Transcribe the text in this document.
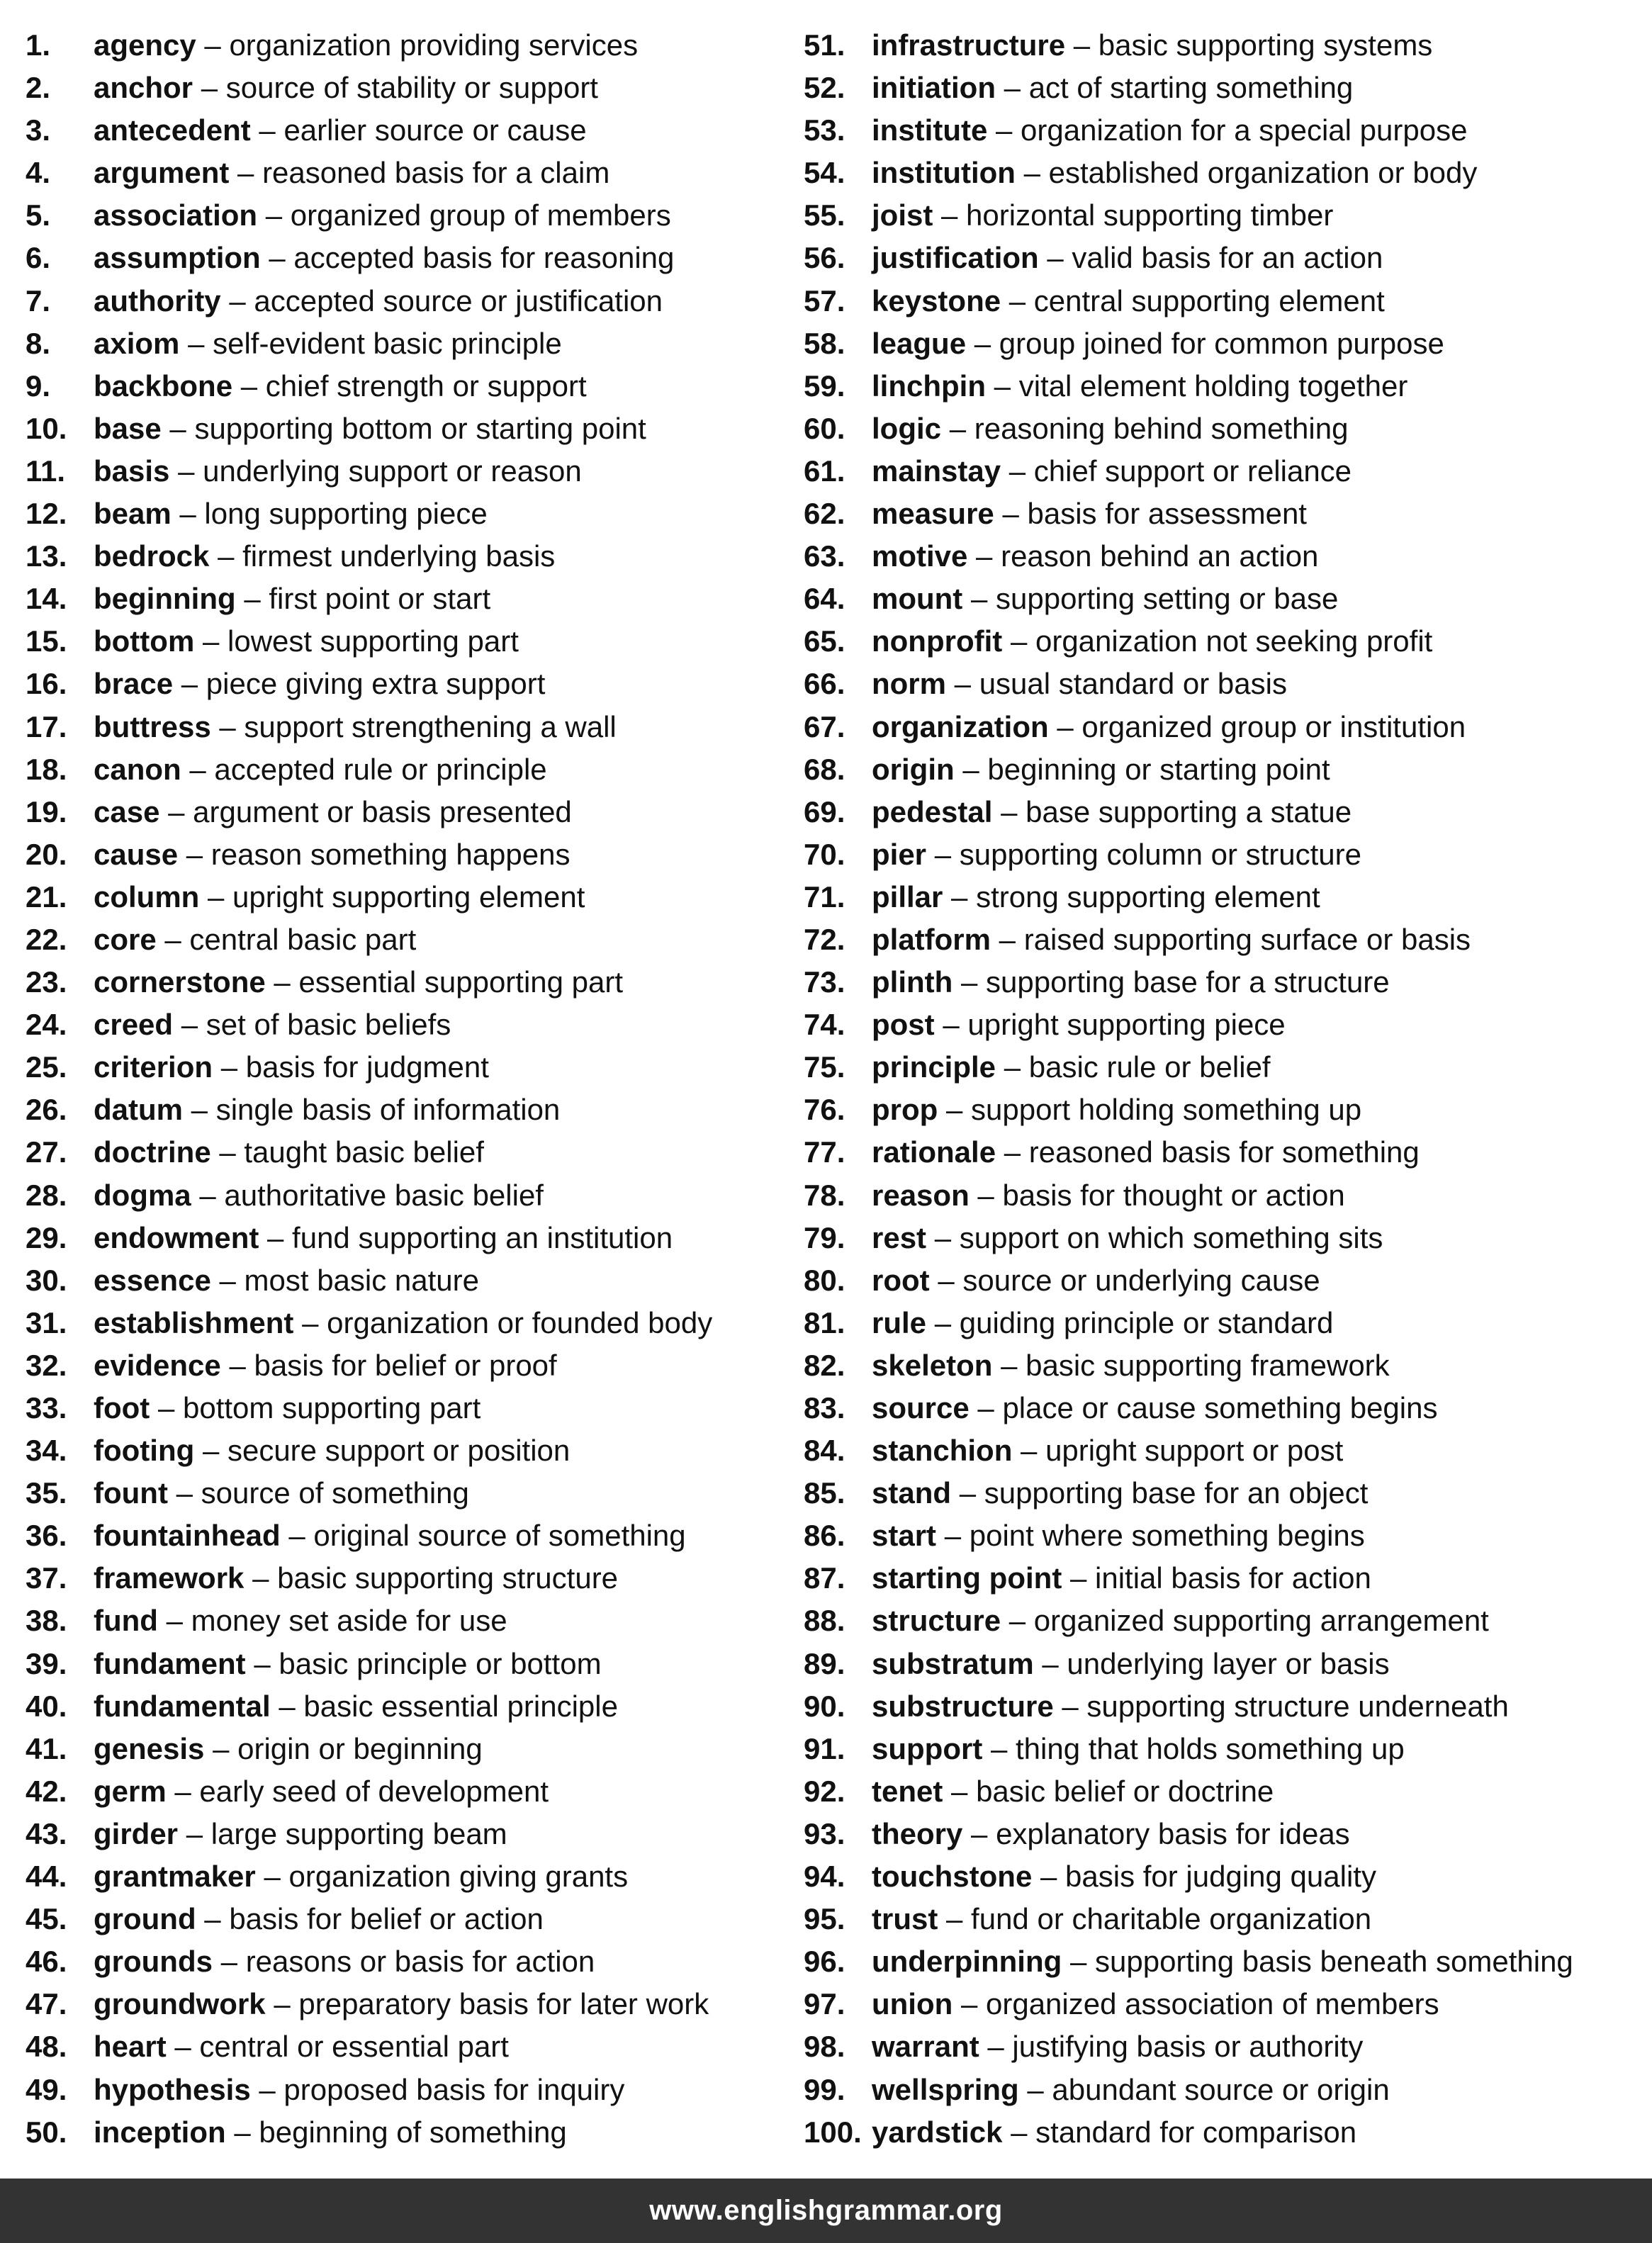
1. agency – organization providing services
2. anchor – source of stability or support
3. antecedent – earlier source or cause
4. argument – reasoned basis for a claim
5. association – organized group of members
6. assumption – accepted basis for reasoning
7. authority – accepted source or justification
8. axiom – self-evident basic principle
9. backbone – chief strength or support
10. base – supporting bottom or starting point
11. basis – underlying support or reason
12. beam – long supporting piece
13. bedrock – firmest underlying basis
14. beginning – first point or start
15. bottom – lowest supporting part
16. brace – piece giving extra support
17. buttress – support strengthening a wall
18. canon – accepted rule or principle
19. case – argument or basis presented
20. cause – reason something happens
21. column – upright supporting element
22. core – central basic part
23. cornerstone – essential supporting part
24. creed – set of basic beliefs
25. criterion – basis for judgment
26. datum – single basis of information
27. doctrine – taught basic belief
28. dogma – authoritative basic belief
29. endowment – fund supporting an institution
30. essence – most basic nature
31. establishment – organization or founded body
32. evidence – basis for belief or proof
33. foot – bottom supporting part
34. footing – secure support or position
35. fount – source of something
36. fountainhead – original source of something
37. framework – basic supporting structure
38. fund – money set aside for use
39. fundament – basic principle or bottom
40. fundamental – basic essential principle
41. genesis – origin or beginning
42. germ – early seed of development
43. girder – large supporting beam
44. grantmaker – organization giving grants
45. ground – basis for belief or action
46. grounds – reasons or basis for action
47. groundwork – preparatory basis for later work
48. heart – central or essential part
49. hypothesis – proposed basis for inquiry
50. inception – beginning of something
51. infrastructure – basic supporting systems
52. initiation – act of starting something
53. institute – organization for a special purpose
54. institution – established organization or body
55. joist – horizontal supporting timber
56. justification – valid basis for an action
57. keystone – central supporting element
58. league – group joined for common purpose
59. linchpin – vital element holding together
60. logic – reasoning behind something
61. mainstay – chief support or reliance
62. measure – basis for assessment
63. motive – reason behind an action
64. mount – supporting setting or base
65. nonprofit – organization not seeking profit
66. norm – usual standard or basis
67. organization – organized group or institution
68. origin – beginning or starting point
69. pedestal – base supporting a statue
70. pier – supporting column or structure
71. pillar – strong supporting element
72. platform – raised supporting surface or basis
73. plinth – supporting base for a structure
74. post – upright supporting piece
75. principle – basic rule or belief
76. prop – support holding something up
77. rationale – reasoned basis for something
78. reason – basis for thought or action
79. rest – support on which something sits
80. root – source or underlying cause
81. rule – guiding principle or standard
82. skeleton – basic supporting framework
83. source – place or cause something begins
84. stanchion – upright support or post
85. stand – supporting base for an object
86. start – point where something begins
87. starting point – initial basis for action
88. structure – organized supporting arrangement
89. substratum – underlying layer or basis
90. substructure – supporting structure underneath
91. support – thing that holds something up
92. tenet – basic belief or doctrine
93. theory – explanatory basis for ideas
94. touchstone – basis for judging quality
95. trust – fund or charitable organization
96. underpinning – supporting basis beneath something
97. union – organized association of members
98. warrant – justifying basis or authority
99. wellspring – abundant source or origin
100. yardstick – standard for comparison
www.englishgrammar.org
